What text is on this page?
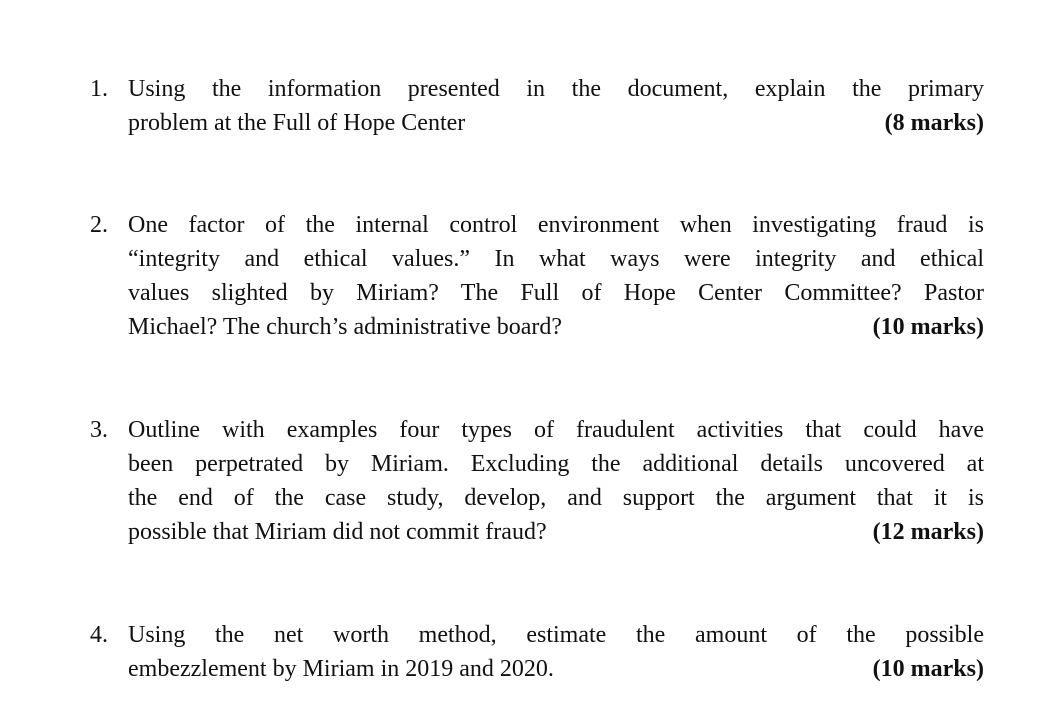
1. Using the information presented in the document, explain the primary
problem at the Full of Hope Center	(8 marks)
2. One factor of the internal control environment when investigating fraud is
“integrity and ethical values.” In what ways were integrity and ethical
values slighted by Miriam? The Full of Hope Center Committee? Pastor
Michael? The church’s administrative board?	(10 marks)
3. Outline with examples four types of fraudulent activities that could have
been perpetrated by Miriam. Excluding the additional details uncovered at
the end of the case study, develop, and support the argument that it is
possible that Miriam did not commit fraud?	(12 marks)
4. Using the net worth method, estimate the amount of the possible
embezzlement by Miriam in 2019 and 2020.	(10 marks)
